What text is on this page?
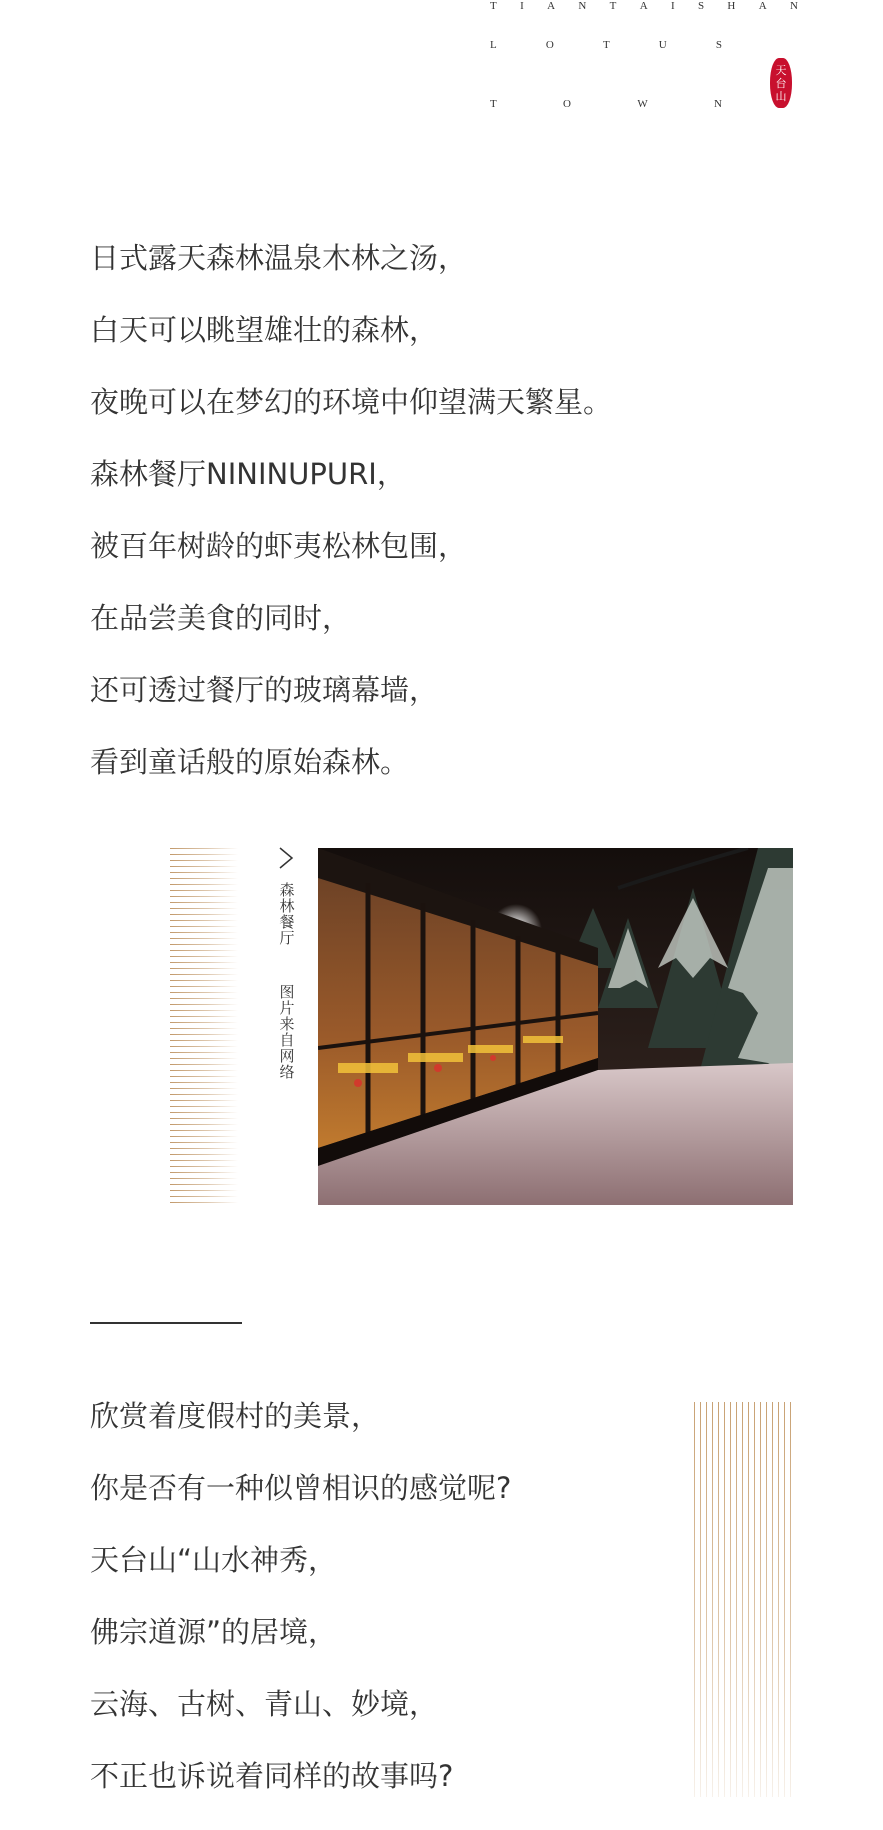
T I A N T A I S H A N
L	O	T	U	S
T	O	W	N
天
台
山
日式露天森林温泉木林之汤，
白天可以眺望雄壮的森林，
夜晚可以在梦幻的环境中仰望满天繁星。
森林餐厅NININUPURI，
被百年树龄的虾夷松林包围，
在品尝美食的同时，
还可透过餐厅的玻璃幕墙，
看到童话般的原始森林。
森
林
餐
厅
图
片
来
自
网
络
欣赏着度假村的美景，
你是否有一种似曾相识的感觉呢?
天台山“山水神秀，
佛宗道源”的居境，
云海、古树、青山、妙境，
不正也诉说着同样的故事吗?
